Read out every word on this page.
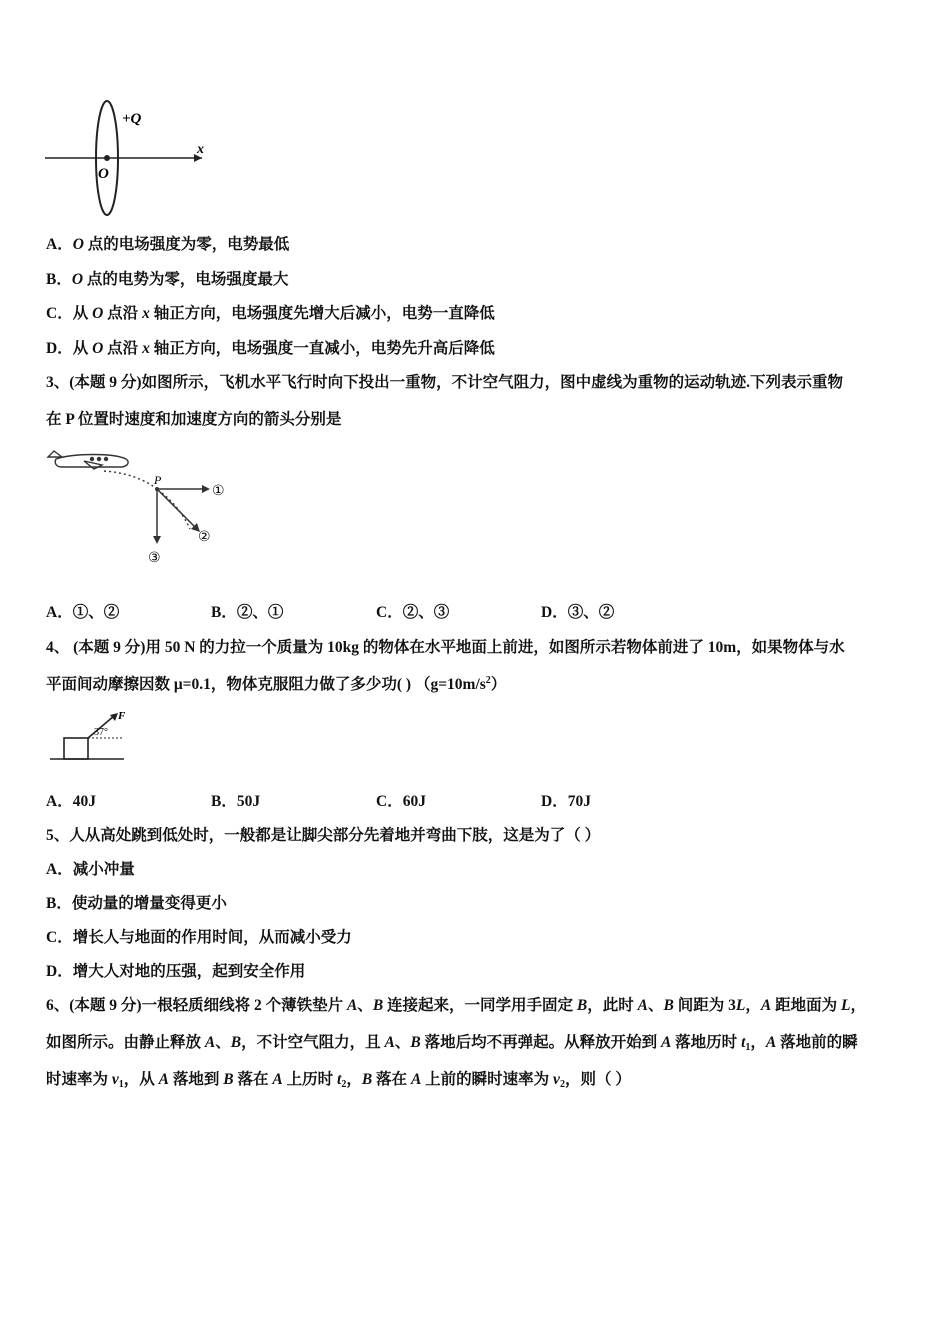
+Q
O
x
A．O 点的电场强度为零，电势最低
B．O 点的电势为零，电场强度最大
C．从 O 点沿 x 轴正方向，电场强度先增大后减小，电势一直降低
D．从 O 点沿 x 轴正方向，电场强度一直减小，电势先升高后降低
3、(本题 9 分)如图所示，飞机水平飞行时向下投出一重物，不计空气阻力，图中虚线为重物的运动轨迹.下列表示重物
在 P 位置时速度和加速度方向的箭头分别是
P
①
②
③
A．①、②	B．②、①	C．②、③	D．③、②
4、 (本题 9 分)用 50 N 的力拉一个质量为 10kg 的物体在水平地面上前进，如图所示若物体前进了 10m，如果物体与水
平面间动摩擦因数 μ=0.1，物体克服阻力做了多少功( ) $(g=10m/s^2)$
F
37°
A．40J	B．50J	C．60J	D．70J
5、人从高处跳到低处时，一般都是让脚尖部分先着地并弯曲下肢，这是为了（ ）
A．减小冲量
B．使动量的增量变得更小
C．增长人与地面的作用时间，从而减小受力
D．增大人对地的压强，起到安全作用
6、(本题 9 分)一根轻质细线将 2 个薄铁垫片 A、B 连接起来，一同学用手固定 B，此时 A、B 间距为 3L，A 距地面为 L，
如图所示。由静止释放 A、B，不计空气阻力，且 A、B 落地后均不再弹起。从释放开始到 A 落地历时 $t_1$，A 落地前的瞬
时速率为 $v_1$，从 A 落地到 B 落在 A 上历时 $t_2$，B 落在 A 上前的瞬时速率为 $v_2$，则（ ）
